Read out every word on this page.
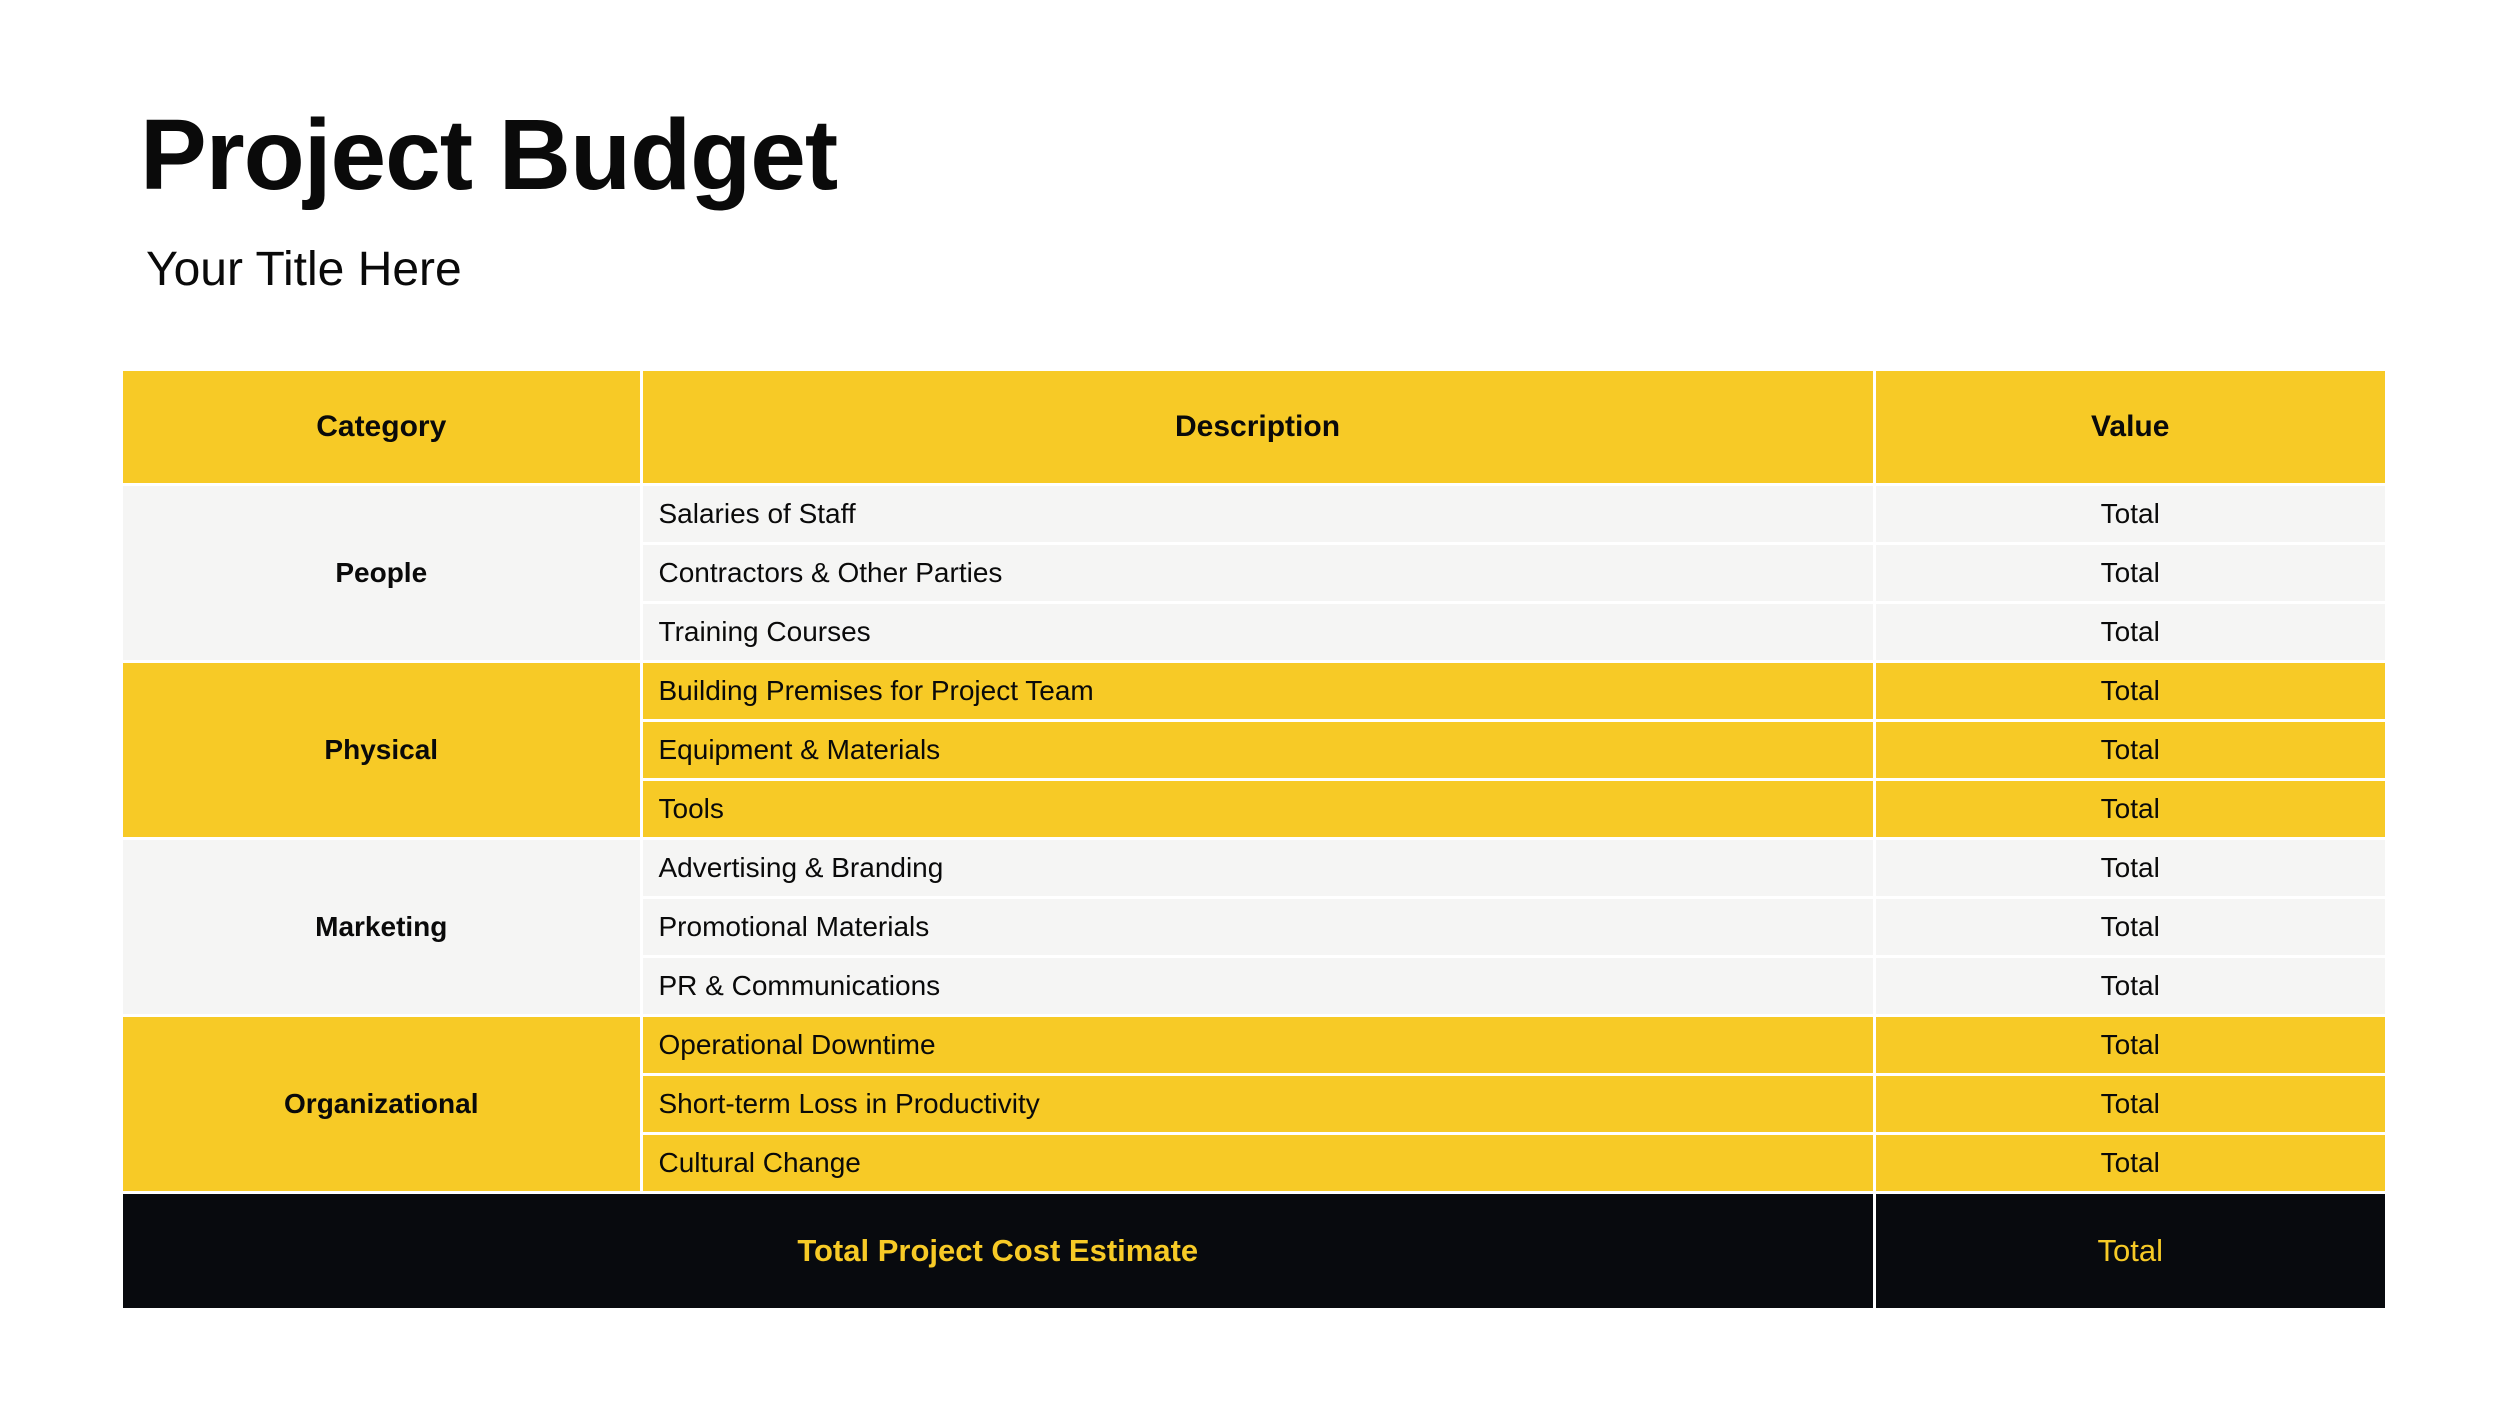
Project Budget
Your Title Here
Category	Description	Value
People	Salaries of Staff	Total
	Contractors & Other Parties	Total
	Training Courses	Total
Physical	Building Premises for Project Team	Total
	Equipment & Materials	Total
	Tools	Total
Marketing	Advertising & Branding	Total
	Promotional Materials	Total
	PR & Communications	Total
Organizational	Operational Downtime	Total
	Short-term Loss in Productivity	Total
	Cultural Change	Total
Total Project Cost Estimate		Total
